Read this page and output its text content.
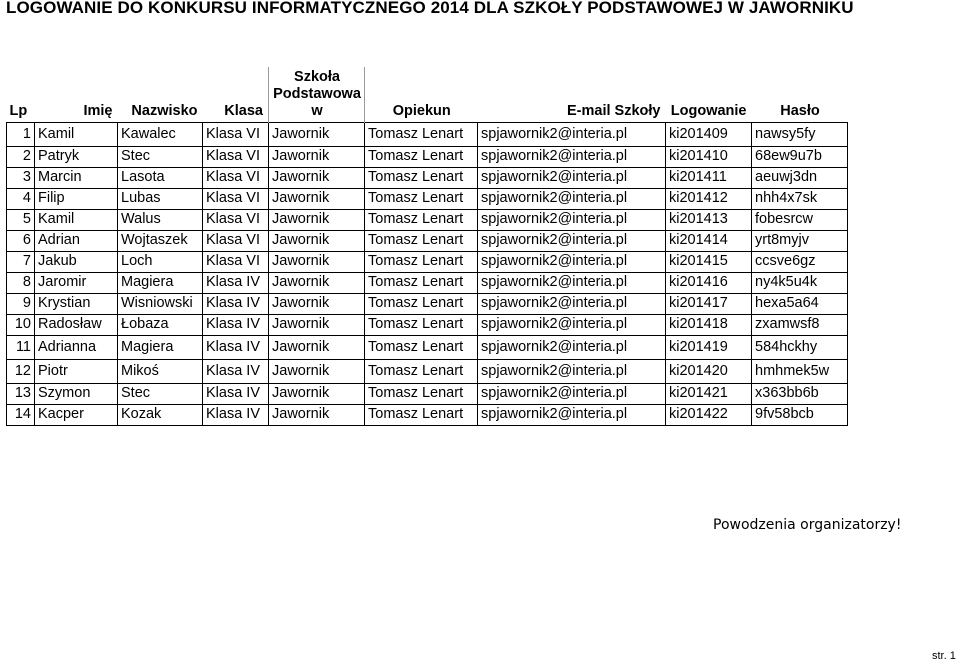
LOGOWANIE DO KONKURSU INFORMATYCZNEGO 2014 DLA SZKOŁY PODSTAWOWEJ W JAWORNIKU
Lp	Imię	Nazwisko	Klasa	Szkoła Podstawowa w	Opiekun	E-mail Szkoły	Logowanie	Hasło
1	Kamil	Kawalec	Klasa VI	Jawornik	Tomasz Lenart	spjawornik2@interia.pl	ki201409	nawsy5fy
2	Patryk	Stec	Klasa VI	Jawornik	Tomasz Lenart	spjawornik2@interia.pl	ki201410	68ew9u7b
3	Marcin	Lasota	Klasa VI	Jawornik	Tomasz Lenart	spjawornik2@interia.pl	ki201411	aeuwj3dn
4	Filip	Lubas	Klasa VI	Jawornik	Tomasz Lenart	spjawornik2@interia.pl	ki201412	nhh4x7sk
5	Kamil	Walus	Klasa VI	Jawornik	Tomasz Lenart	spjawornik2@interia.pl	ki201413	fobesrcw
6	Adrian	Wojtaszek	Klasa VI	Jawornik	Tomasz Lenart	spjawornik2@interia.pl	ki201414	yrt8myjv
7	Jakub	Loch	Klasa VI	Jawornik	Tomasz Lenart	spjawornik2@interia.pl	ki201415	ccsve6gz
8	Jaromir	Magiera	Klasa IV	Jawornik	Tomasz Lenart	spjawornik2@interia.pl	ki201416	ny4k5u4k
9	Krystian	Wisniowski	Klasa IV	Jawornik	Tomasz Lenart	spjawornik2@interia.pl	ki201417	hexa5a64
10	Radosław	Łobaza	Klasa IV	Jawornik	Tomasz Lenart	spjawornik2@interia.pl	ki201418	zxamwsf8
11	Adrianna	Magiera	Klasa IV	Jawornik	Tomasz Lenart	spjawornik2@interia.pl	ki201419	584hckhy
12	Piotr	Mikoś	Klasa IV	Jawornik	Tomasz Lenart	spjawornik2@interia.pl	ki201420	hmhmek5w
13	Szymon	Stec	Klasa IV	Jawornik	Tomasz Lenart	spjawornik2@interia.pl	ki201421	x363bb6b
14	Kacper	Kozak	Klasa IV	Jawornik	Tomasz Lenart	spjawornik2@interia.pl	ki201422	9fv58bcb
Powodzenia organizatorzy!
str. 1
